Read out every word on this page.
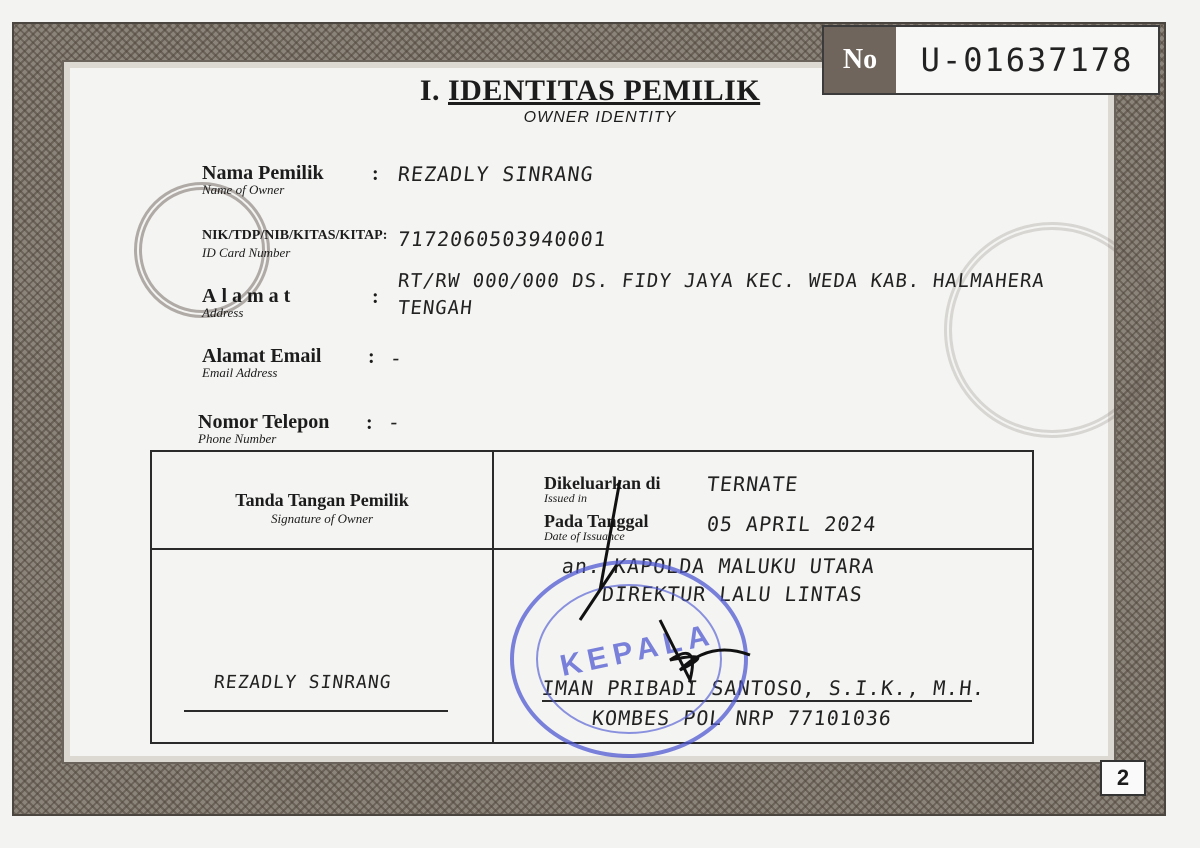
No	U-01637178
I. IDENTITAS PEMILIK
OWNER IDENTITY
Nama Pemilik
Name of Owner
: REZADLY SINRANG
NIK/TDP/NIB/KITAS/KITAP:
ID Card Number
7172060503940001
Alamat
Address
:
RT/RW 000/000 DS. FIDY JAYA KEC. WEDA KAB. HALMAHERA
TENGAH
Alamat Email
Email Address
: -
Nomor Telepon
Phone Number
: -
Tanda Tangan Pemilik
Signature of Owner
Dikeluarkan di
Issued in
TERNATE
Pada Tanggal
Date of Issuance	05 APRIL 2024
an. KAPOLDA MALUKU UTARA
DIREKTUR LALU LINTAS
REZADLY SINRANG	IMAN PRIBADI SANTOSO, S.I.K., M.H.
KOMBES POL NRP 77101036
KEPALA
2
